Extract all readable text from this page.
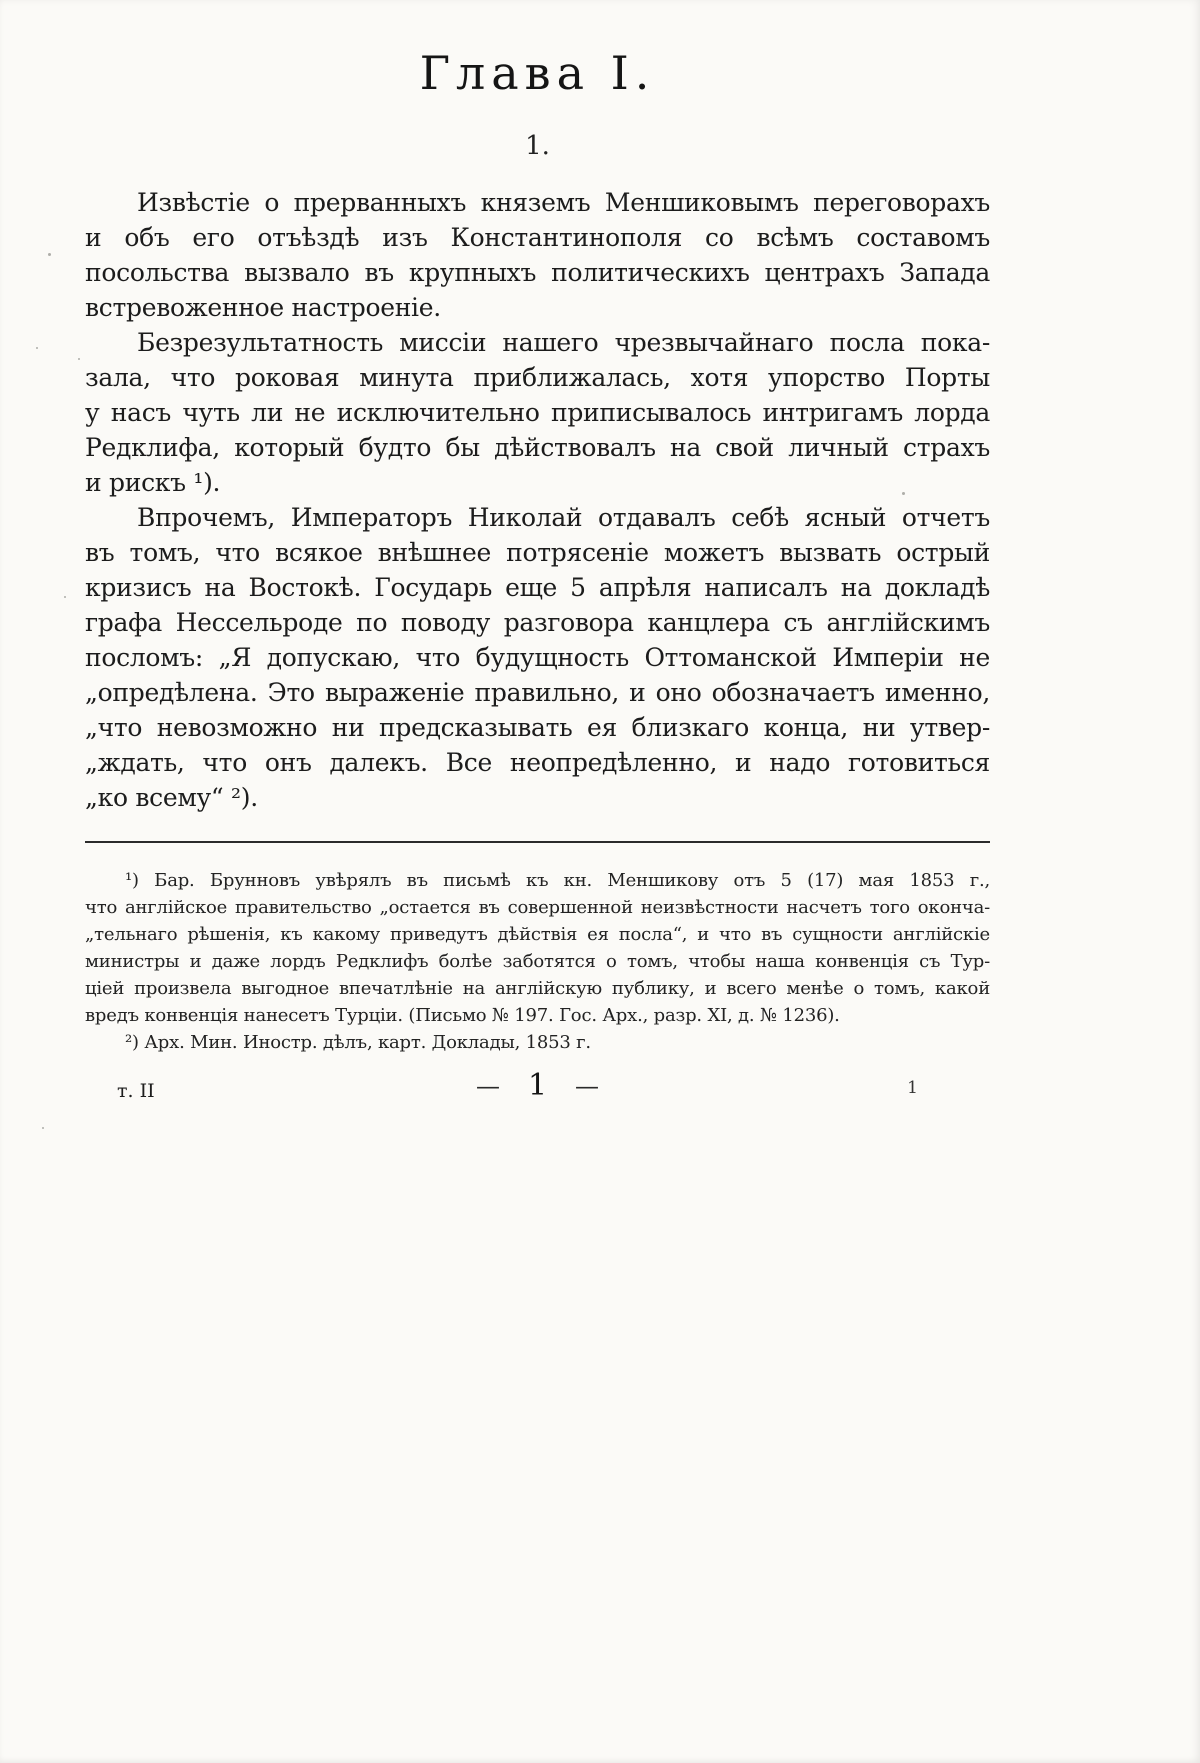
Глава I.
1.
Извѣстіе о прерванныхъ княземъ Меншиковымъ переговорахъ
и объ его отъѣздѣ изъ Константинополя со всѣмъ составомъ
посольства вызвало въ крупныхъ политическихъ центрахъ Запада
встревоженное настроеніе.
Безрезультатность миссіи нашего чрезвычайнаго посла пока-
зала, что роковая минута приближалась, хотя упорство Порты
у насъ чуть ли не исключительно приписывалось интригамъ лорда
Редклифа, который будто бы дѣйствовалъ на свой личный страхъ
и рискъ ¹).
Впрочемъ, Императоръ Николай отдавалъ себѣ ясный отчетъ
въ томъ, что всякое внѣшнее потрясеніе можетъ вызвать острый
кризисъ на Востокѣ. Государь еще 5 апрѣля написалъ на докладѣ
графа Нессельроде по поводу разговора канцлера съ англійскимъ
посломъ: „Я допускаю, что будущность Оттоманской Имперіи не
„опредѣлена. Это выраженіе правильно, и оно обозначаетъ именно,
„что невозможно ни предсказывать ея близкаго конца, ни утвер-
„ждать, что онъ далекъ. Все неопредѣленно, и надо готовиться
„ко всему“ ²).
¹) Бар. Брунновъ увѣрялъ въ письмѣ къ кн. Меншикову отъ 5 (17) мая 1853 г.,
что англійское правительство „остается въ совершенной неизвѣстности насчетъ того оконча-
„тельнаго рѣшенія, къ какому приведутъ дѣйствія ея посла“, и что въ сущности англійскіе
министры и даже лордъ Редклифъ болѣе заботятся о томъ, чтобы наша конвенція съ Тур-
ціей произвела выгодное впечатлѣніе на англійскую публику, и всего менѣе о томъ, какой
вредъ конвенція нанесетъ Турціи. (Письмо № 197. Гос. Арх., разр. XI, д. № 1236).
²) Арх. Мин. Иностр. дѣлъ, карт. Доклады, 1853 г.
т. II	— 1 —	1
